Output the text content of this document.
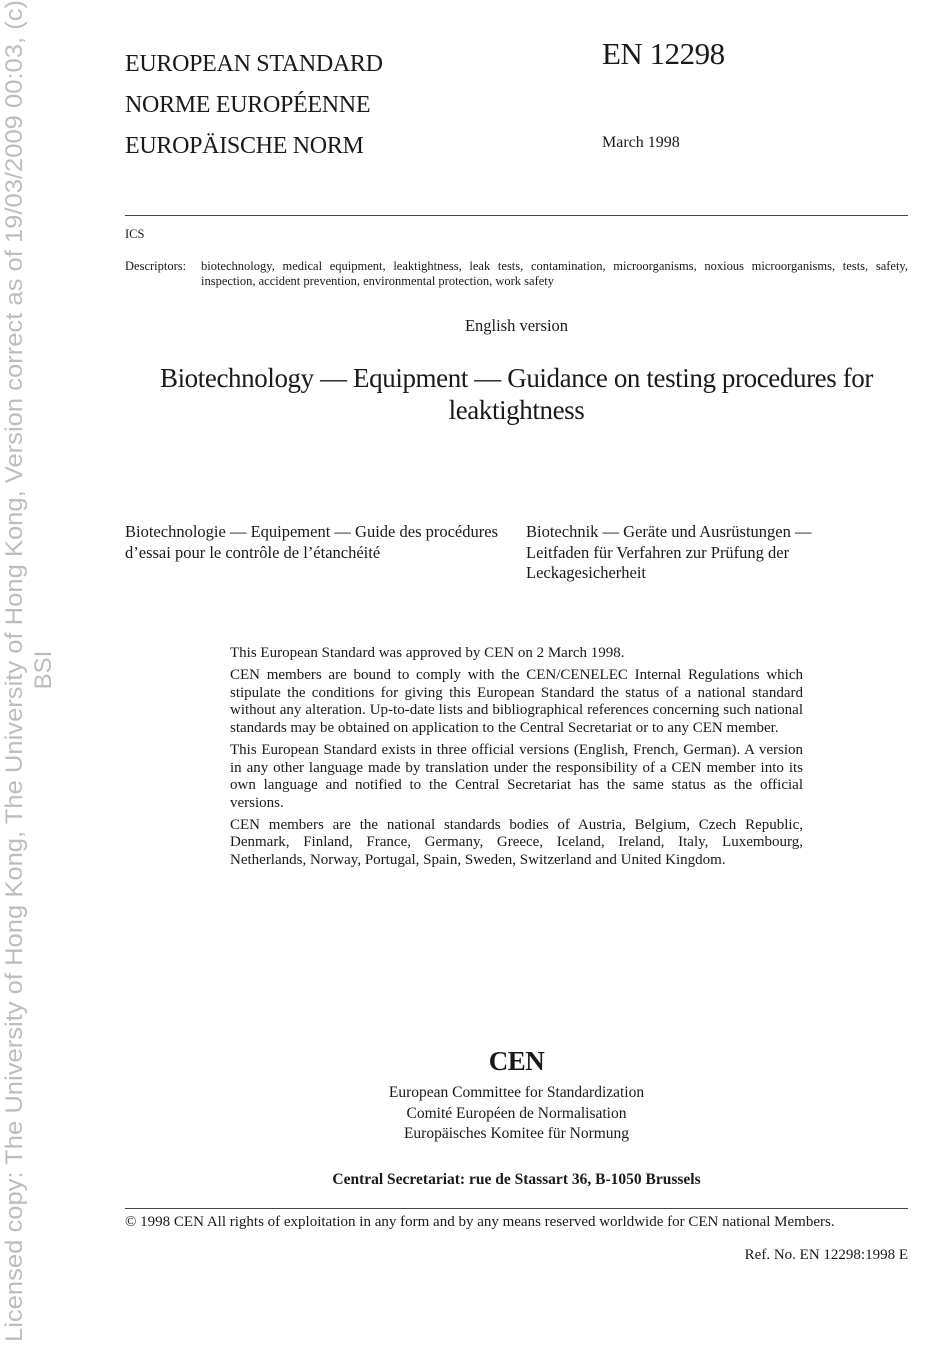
Licensed copy: The University of Hong Kong, The University of Hong Kong, Version correct as of 19/03/2009 00:03, (c) BSI
EUROPEAN STANDARD
NORME EUROPÉENNE
EUROPÄISCHE NORM
EN 12298
March 1998
ICS
Descriptors: biotechnology, medical equipment, leaktightness, leak tests, contamination, microorganisms, noxious microorganisms, tests, safety, inspection, accident prevention, environmental protection, work safety
English version
Biotechnology — Equipment — Guidance on testing procedures for leaktightness
Biotechnologie — Equipement — Guide des procédures d’essai pour le contrôle de l’étanchéité
Biotechnik — Geräte und Ausrüstungen — Leitfaden für Verfahren zur Prüfung der Leckagesicherheit

This European Standard was approved by CEN on 2 March 1998.

CEN members are bound to comply with the CEN/CENELEC Internal Regulations which stipulate the conditions for giving this European Standard the status of a national standard without any alteration. Up-to-date lists and bibliographical references concerning such national standards may be obtained on application to the Central Secretariat or to any CEN member.

This European Standard exists in three official versions (English, French, German). A version in any other language made by translation under the responsibility of a CEN member into its own language and notified to the Central Secretariat has the same status as the official versions.

CEN members are the national standards bodies of Austria, Belgium, Czech Republic, Denmark, Finland, France, Germany, Greece, Iceland, Ireland, Italy, Luxembourg, Netherlands, Norway, Portugal, Spain, Sweden, Switzerland and United Kingdom.

CEN
European Committee for Standardization
Comité Européen de Normalisation
Europäisches Komitee für Normung
Central Secretariat: rue de Stassart 36, B-1050 Brussels
© 1998 CEN All rights of exploitation in any form and by any means reserved worldwide for CEN national Members.
Ref. No. EN 12298:1998 E
